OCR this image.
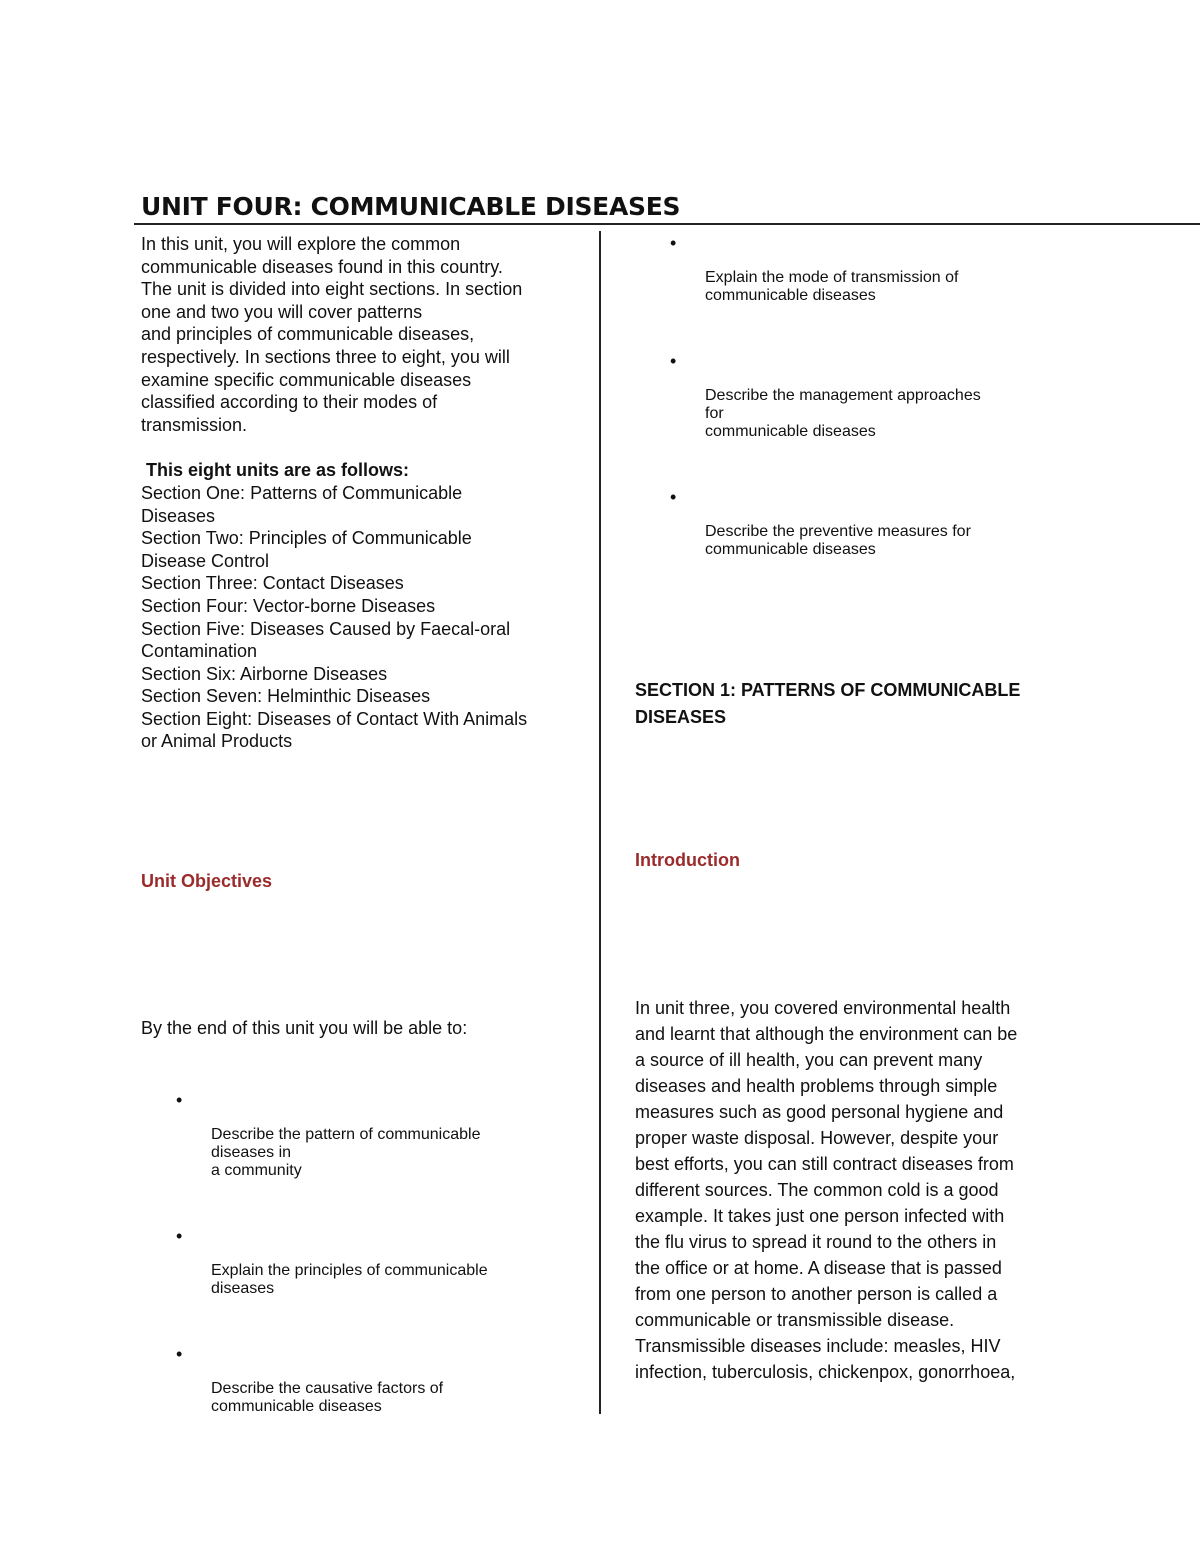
UNIT FOUR: COMMUNICABLE DISEASES
In this unit, you will explore the common
communicable diseases found in this country.
The unit is divided into eight sections. In section
one and two you will cover patterns
and principles of communicable diseases,
respectively. In sections three to eight, you will
examine specific communicable diseases
classified according to their modes of
transmission.
This eight units are as follows:
Section One: Patterns of Communicable
Diseases
Section Two: Principles of Communicable
Disease Control
Section Three: Contact Diseases
Section Four: Vector-borne Diseases
Section Five: Diseases Caused by Faecal-oral
Contamination
Section Six: Airborne Diseases
Section Seven: Helminthic Diseases
Section Eight: Diseases of Contact With Animals
or Animal Products
Unit Objectives
By the end of this unit you will be able to:

•

Describe the pattern of communicable
diseases in
a community

•

Explain the principles of communicable
diseases

•

Describe the causative factors of
communicable diseases

•

Explain the mode of transmission of
communicable diseases

•

Describe the management approaches
for
communicable diseases

•

Describe the preventive measures for
communicable diseases

SECTION 1: PATTERNS OF COMMUNICABLE DISEASES
Introduction
In unit three, you covered environmental health
and learnt that although the environment can be
a source of ill health, you can prevent many
diseases and health problems through simple
measures such as good personal hygiene and
proper waste disposal. However, despite your
best efforts, you can still contract diseases from
different sources. The common cold is a good
example. It takes just one person infected with
the flu virus to spread it round to the others in
the office or at home. A disease that is passed
from one person to another person is called a
communicable or transmissible disease.
Transmissible diseases include: measles, HIV
infection, tuberculosis, chickenpox, gonorrhoea,
